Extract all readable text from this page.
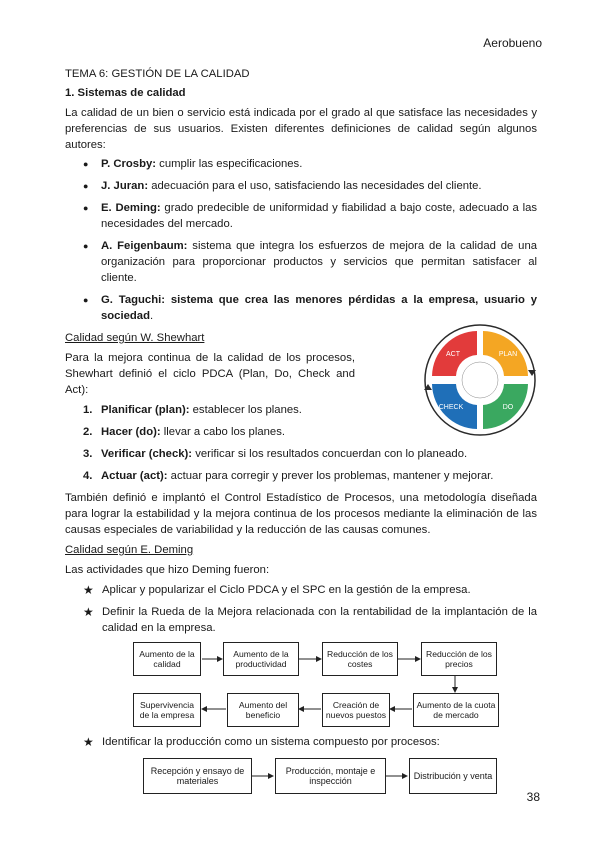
Aerobueno

TEMA 6: GESTIÓN DE LA CALIDAD

1. Sistemas de calidad

La calidad de un bien o servicio está indicada por el grado al que satisface las necesidades y preferencias de sus usuarios. Existen diferentes definiciones de calidad según algunos autores:

● P. Crosby: cumplir las especificaciones.
● J. Juran: adecuación para el uso, satisfaciendo las necesidades del cliente.
● E. Deming: grado predecible de uniformidad y fiabilidad a bajo coste, adecuado a las necesidades del mercado.
● A. Feigenbaum: sistema que integra los esfuerzos de mejora de la calidad de una organización para proporcionar productos y servicios que permitan satisfacer al cliente.
● G. Taguchi: sistema que crea las menores pérdidas a la empresa, usuario y sociedad.

Calidad según W. Shewhart

Para la mejora continua de la calidad de los procesos, Shewhart definió el ciclo PDCA (Plan, Do, Check and Act):

ACT	PLAN
CHECK	DO
1. Planificar (plan): establecer los planes.
2. Hacer (do): llevar a cabo los planes.
3. Verificar (check): verificar si los resultados concuerdan con lo planeado.
4. Actuar (act): actuar para corregir y prever los problemas, mantener y mejorar.

También definió e implantó el Control Estadístico de Procesos, una metodología diseñada para lograr la estabilidad y la mejora continua de los procesos mediante la eliminación de las causas especiales de variabilidad y la reducción de las causas comunes.

Calidad según E. Deming

Las actividades que hizo Deming fueron:

★ Aplicar y popularizar el Ciclo PDCA y el SPC en la gestión de la empresa.
★ Definir la Rueda de la Mejora relacionada con la rentabilidad de la implantación de la calidad en la empresa.
Aumento de la calidad
Aumento de la productividad
Reducción de los costes
Reducción de los precios
Aumento de la cuota de mercado
Creación de nuevos puestos
Aumento del beneficio
Supervivencia de la empresa
★ Identificar la producción como un sistema compuesto por procesos:
Recepción y ensayo de materiales
Producción, montaje e inspección	Distribución y venta
38
